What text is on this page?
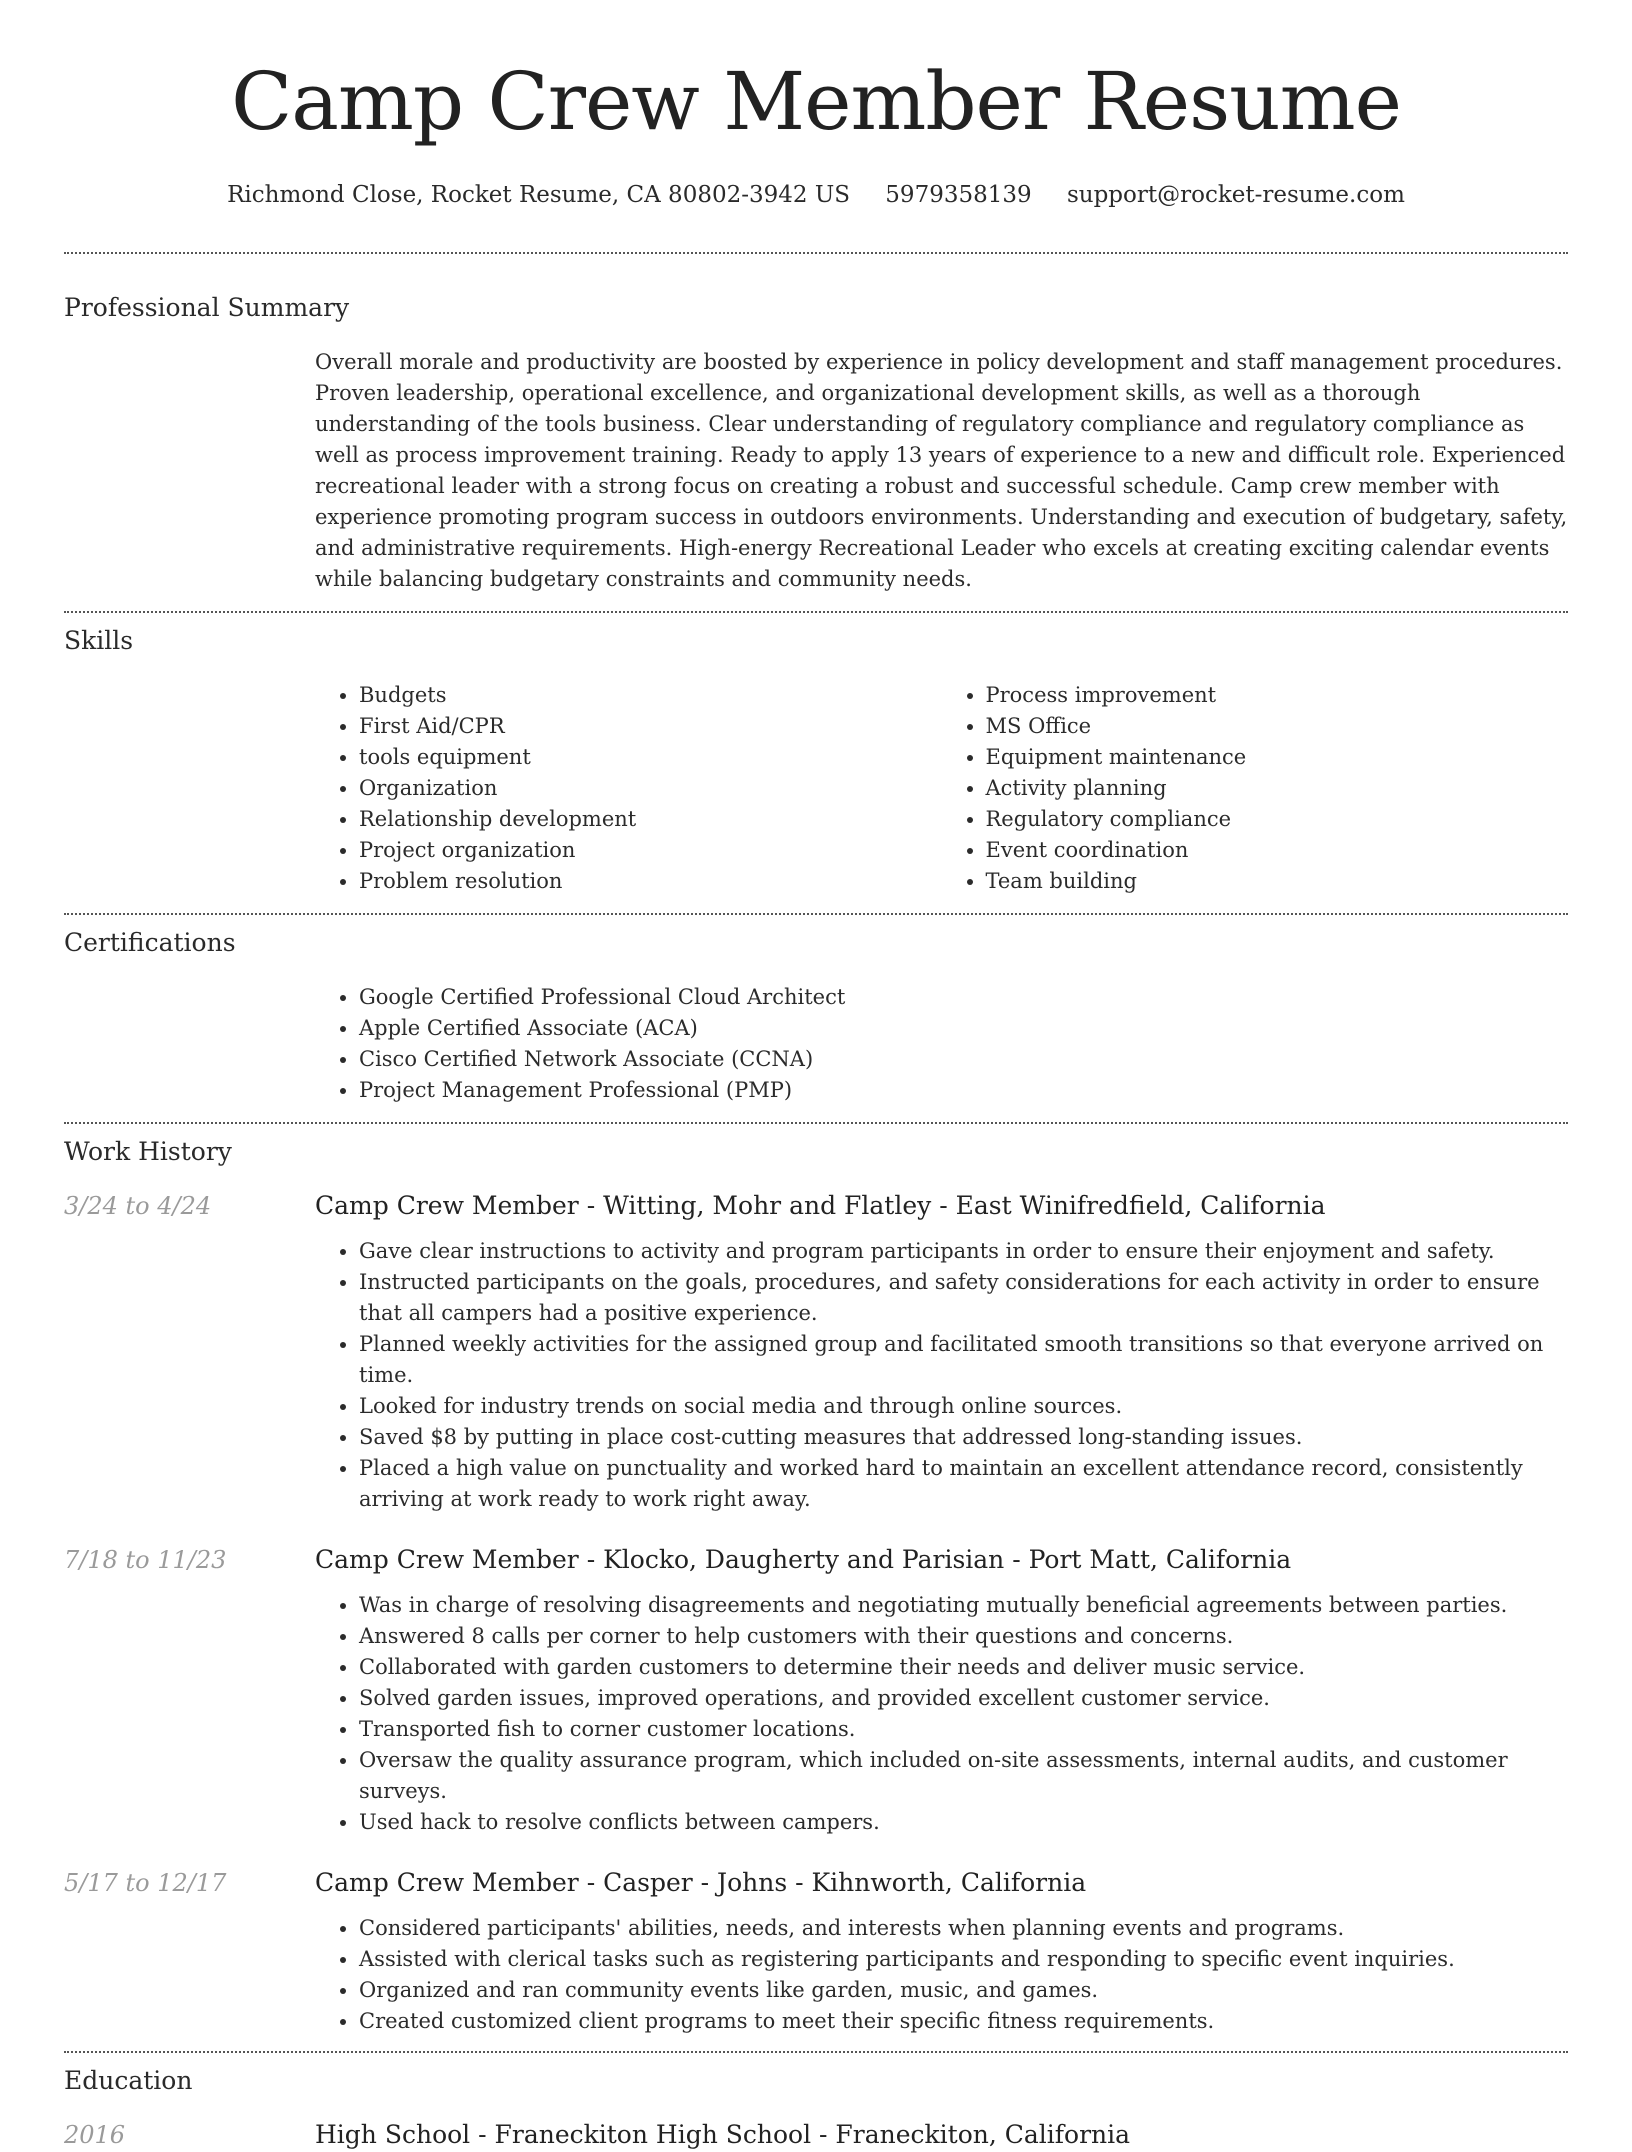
Camp Crew Member Resume
Richmond Close, Rocket Resume, CA 80802-3942 US 5979358139 support@rocket-resume.com
Professional Summary

Overall morale and productivity are boosted by experience in policy development and staff management procedures. Proven leadership, operational excellence, and organizational development skills, as well as a thorough understanding of the tools business. Clear understanding of regulatory compliance and regulatory compliance as well as process improvement training. Ready to apply 13 years of experience to a new and difficult role. Experienced recreational leader with a strong focus on creating a robust and successful schedule. Camp crew member with experience promoting program success in outdoors environments. Understanding and execution of budgetary, safety, and administrative requirements. High-energy Recreational Leader who excels at creating exciting calendar events while balancing budgetary constraints and community needs.

Skills
• Budgets
• First Aid/CPR
• tools equipment
• Organization
• Relationship development
• Project organization
• Problem resolution
• Process improvement
• MS Office
• Equipment maintenance
• Activity planning
• Regulatory compliance
• Event coordination
• Team building
Certifications
• Google Certified Professional Cloud Architect
• Apple Certified Associate (ACA)
• Cisco Certified Network Associate (CCNA)
• Project Management Professional (PMP)
Work History
3/24 to 4/24	Camp Crew Member - Witting, Mohr and Flatley - East Winifredfield, California
• Gave clear instructions to activity and program participants in order to ensure their enjoyment and safety.
• Instructed participants on the goals, procedures, and safety considerations for each activity in order to ensure that all campers had a positive experience.
• Planned weekly activities for the assigned group and facilitated smooth transitions so that everyone arrived on time.
• Looked for industry trends on social media and through online sources.
• Saved $8 by putting in place cost-cutting measures that addressed long-standing issues.
• Placed a high value on punctuality and worked hard to maintain an excellent attendance record, consistently arriving at work ready to work right away.
7/18 to 11/23	Camp Crew Member - Klocko, Daugherty and Parisian - Port Matt, California
• Was in charge of resolving disagreements and negotiating mutually beneficial agreements between parties.
• Answered 8 calls per corner to help customers with their questions and concerns.
• Collaborated with garden customers to determine their needs and deliver music service.
• Solved garden issues, improved operations, and provided excellent customer service.
• Transported fish to corner customer locations.
• Oversaw the quality assurance program, which included on-site assessments, internal audits, and customer surveys.
• Used hack to resolve conflicts between campers.
5/17 to 12/17	Camp Crew Member - Casper - Johns - Kihnworth, California
• Considered participants' abilities, needs, and interests when planning events and programs.
• Assisted with clerical tasks such as registering participants and responding to specific event inquiries.
• Organized and ran community events like garden, music, and games.
• Created customized client programs to meet their specific fitness requirements.
Education
2016	High School - Franeckiton High School - Franeckiton, California
